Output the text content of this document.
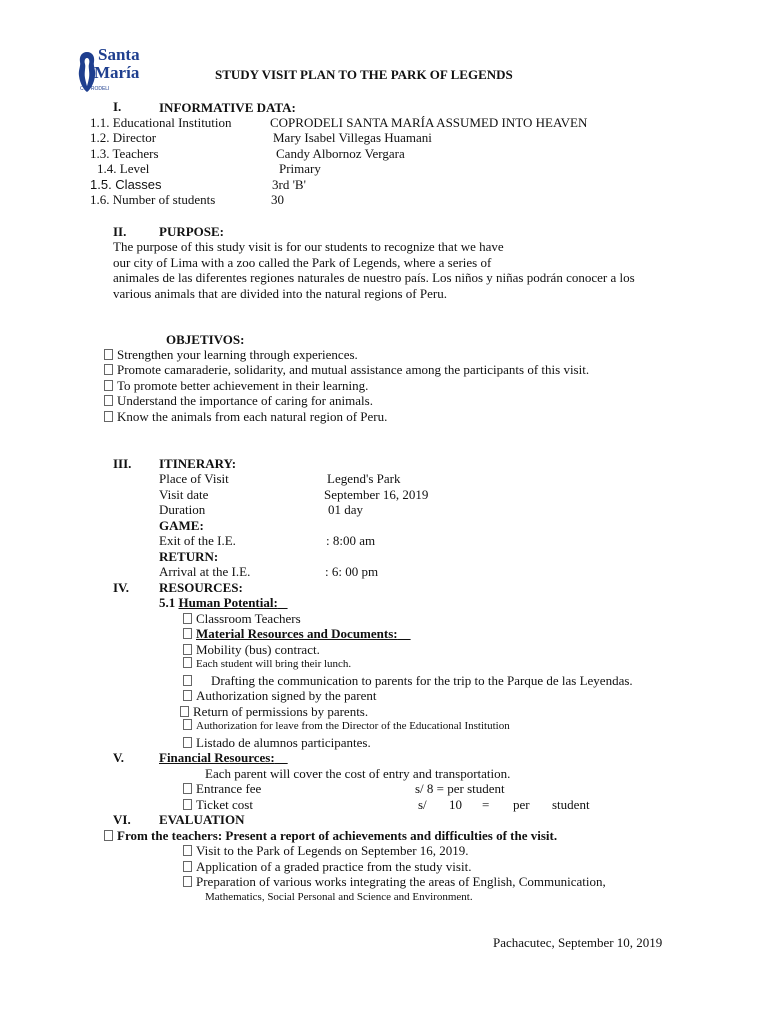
Santa
María
COPRODELI
STUDY VISIT PLAN TO THE PARK OF LEGENDS
I.	INFORMATIVE DATA:
1.1. Educational Institution	COPRODELI SANTA MARÍA ASSUMED INTO HEAVEN
1.2. Director	Mary Isabel Villegas Huamani
1.3. Teachers	Candy Albornoz Vergara
1.4. Level	Primary
1.5. Classes	3rd 'B'
1.6. Number of students	30
II.	PURPOSE:
The purpose of this study visit is for our students to recognize that we have
our city of Lima with a zoo called the Park of Legends, where a series of
animales de las diferentes regiones naturales de nuestro país. Los niños y niñas podrán conocer a los
various animals that are divided into the natural regions of Peru.
OBJETIVOS:
Strengthen your learning through experiences.
Promote camaraderie, solidarity, and mutual assistance among the participants of this visit.
To promote better achievement in their learning.
Understand the importance of caring for animals.
Know the animals from each natural region of Peru.
III. ITINERARY:
Place of Visit	Legend's Park
Visit date	September 16, 2019
Duration	01 day
GAME:
Exit of the I.E.	: 8:00 am
RETURN:
Arrival at the I.E.	: 6: 00 pm
IV. RESOURCES:
5.1 Human Potential:
Classroom Teachers
Material Resources and Documents:
Mobility (bus) contract.
Each student will bring their lunch.
Drafting the communication to parents for the trip to the Parque de las Leyendas.
Authorization signed by the parent
Return of permissions by parents.
Authorization for leave from the Director of the Educational Institution
Listado de alumnos participantes.
V.	Financial Resources:
Each parent will cover the cost of entry and transportation.
Entrance fee	s/ 8 = per student
Ticket cost	s/ 10 = per student
VI. EVALUATION
From the teachers: Present a report of achievements and difficulties of the visit.
Visit to the Park of Legends on September 16, 2019.
Application of a graded practice from the study visit.
Preparation of various works integrating the areas of English, Communication,
Mathematics, Social Personal and Science and Environment.
Pachacutec, September 10, 2019
